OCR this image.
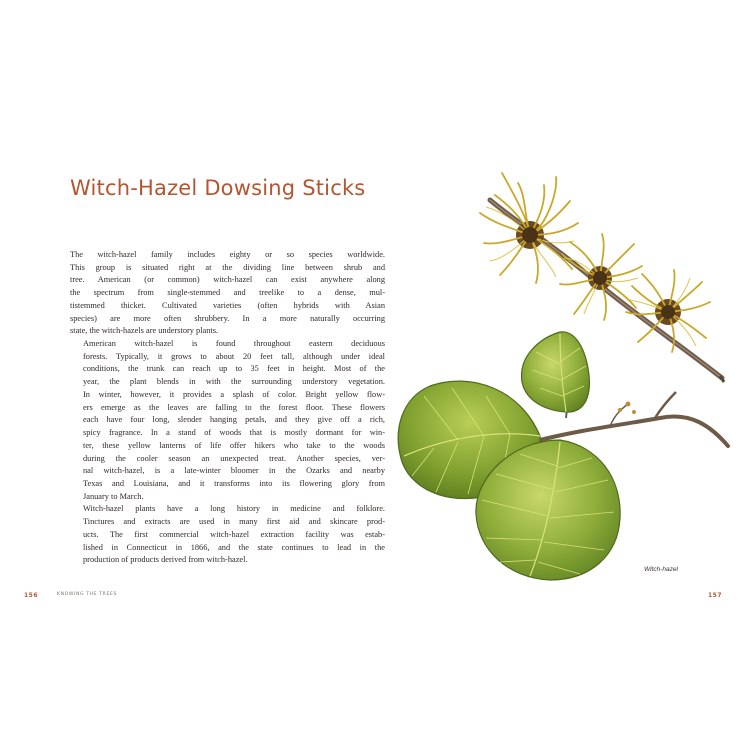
Witch-Hazel Dowsing Sticks

The witch-hazel family includes eighty or so species worldwide.
This group is situated right at the dividing line between shrub and
tree. American (or common) witch-hazel can exist anywhere along
the spectrum from single-stemmed and treelike to a dense, mul-
tistemmed thicket. Cultivated varieties (often hybrids with Asian
species) are more often shrubbery. In a more naturally occurring
state, the witch-hazels are understory plants.

American witch-hazel is found throughout eastern deciduous
forests. Typically, it grows to about 20 feet tall, although under ideal
conditions, the trunk can reach up to 35 feet in height. Most of the
year, the plant blends in with the surrounding understory vegetation.
In winter, however, it provides a splash of color. Bright yellow flow-
ers emerge as the leaves are falling to the forest floor. These flowers
each have four long, slender hanging petals, and they give off a rich,
spicy fragrance. In a stand of woods that is mostly dormant for win-
ter, these yellow lanterns of life offer hikers who take to the woods
during the cooler season an unexpected treat. Another species, ver-
nal witch-hazel, is a late-winter bloomer in the Ozarks and nearby
Texas and Louisiana, and it transforms into its flowering glory from
January to March.

Witch-hazel plants have a long history in medicine and folklore.
Tinctures and extracts are used in many first aid and skincare prod-
ucts. The first commercial witch-hazel extraction facility was estab-
lished in Connecticut in 1866, and the state continues to lead in the
production of products derived from witch-hazel.

156	KNOWING THE TREES	157
Witch-hazel
